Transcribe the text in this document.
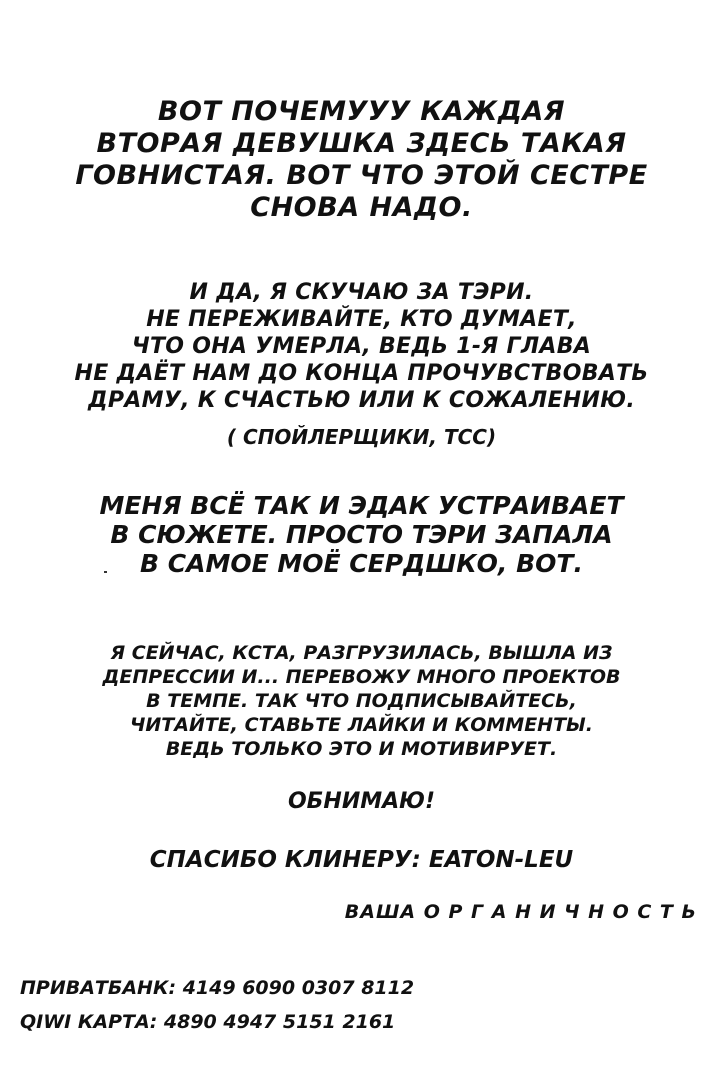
ВОТ ПОЧЕМУУУ КАЖДАЯ
ВТОРАЯ ДЕВУШКА ЗДЕСЬ ТАКАЯ
ГОВНИСТАЯ. ВОТ ЧТО ЭТОЙ СЕСТРЕ
СНОВА НАДО.
И ДА, Я СКУЧАЮ ЗА ТЭРИ.
НЕ ПЕРЕЖИВАЙТЕ, КТО ДУМАЕТ,
ЧТО ОНА УМЕРЛА, ВЕДЬ 1-Я ГЛАВА
НЕ ДАЁТ НАМ ДО КОНЦА ПРОЧУВСТВОВАТЬ
ДРАМУ, К СЧАСТЬЮ ИЛИ К СОЖАЛЕНИЮ.
( СПОЙЛЕРЩИКИ, ТСС)
МЕНЯ ВСЁ ТАК И ЭДАК УСТРАИВАЕТ
В СЮЖЕТЕ. ПРОСТО ТЭРИ ЗАПАЛА
В САМОЕ МОЁ СЕРДШКО, ВОТ.
Я СЕЙЧАС, КСТА, РАЗГРУЗИЛАСЬ, ВЫШЛА ИЗ
ДЕПРЕССИИ И... ПЕРЕВОЖУ МНОГО ПРОЕКТОВ
В ТЕМПЕ. ТАК ЧТО ПОДПИСЫВАЙТЕСЬ,
ЧИТАЙТЕ, СТАВЬТЕ ЛАЙКИ И КОММЕНТЫ.
ВЕДЬ ТОЛЬКО ЭТО И МОТИВИРУЕТ.
ОБНИМАЮ!
СПАСИБО КЛИНЕРУ: EATON-LEU
ВАША О Р Г А Н И Ч Н О С Т Ь
ПРИВАТБАНК: 4149 6090 0307 8112
QIWI КАРТА: 4890 4947 5151 2161
